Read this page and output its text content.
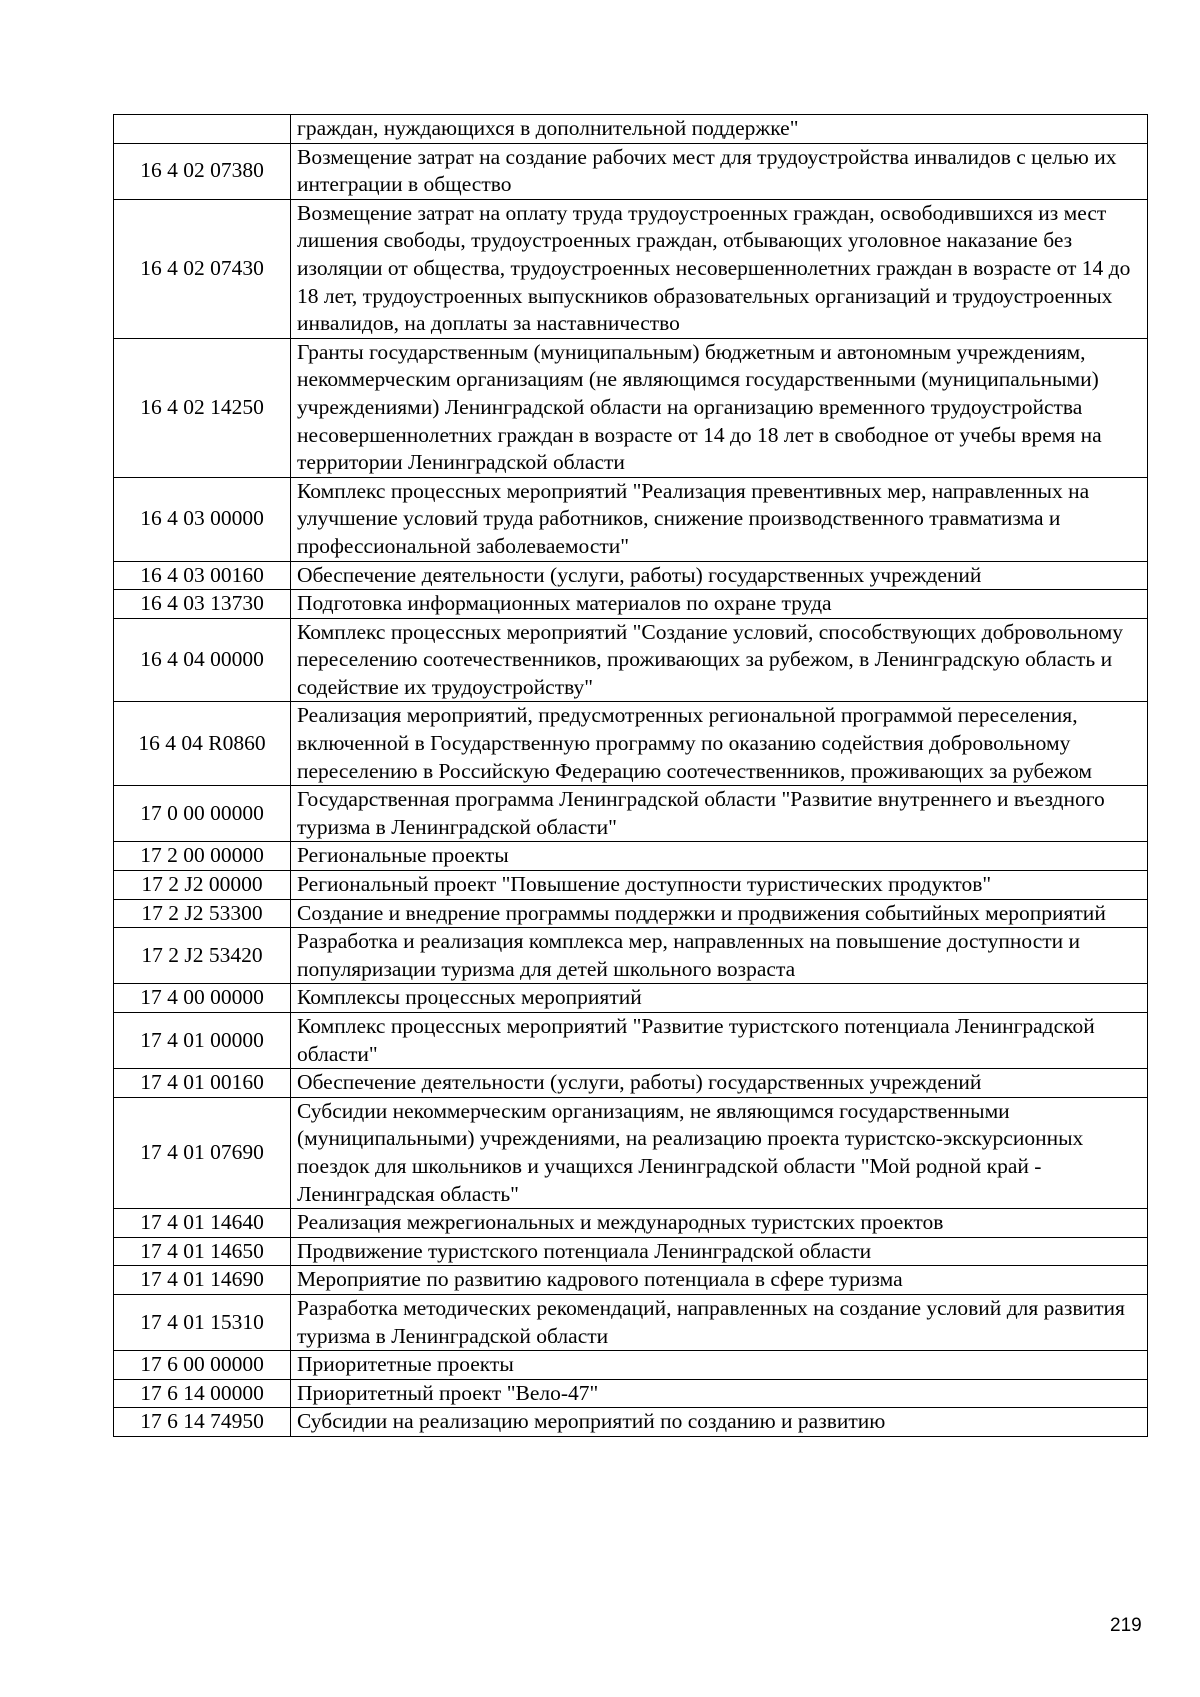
	граждан, нуждающихся в дополнительной поддержке"
16 4 02 07380	Возмещение затрат на создание рабочих мест для трудоустройства инвалидов с целью их интеграции в общество
16 4 02 07430	Возмещение затрат на оплату труда трудоустроенных граждан, освободившихся из мест лишения свободы, трудоустроенных граждан, отбывающих уголовное наказание без изоляции от общества, трудоустроенных несовершеннолетних граждан в возрасте от 14 до 18 лет, трудоустроенных выпускников образовательных организаций и трудоустроенных инвалидов, на доплаты за наставничество
16 4 02 14250	Гранты государственным (муниципальным) бюджетным и автономным учреждениям, некоммерческим организациям (не являющимся государственными (муниципальными) учреждениями) Ленинградской области на организацию временного трудоустройства несовершеннолетних граждан в возрасте от 14 до 18 лет в свободное от учебы время на территории Ленинградской области
16 4 03 00000	Комплекс процессных мероприятий "Реализация превентивных мер, направленных на улучшение условий труда работников, снижение производственного травматизма и профессиональной заболеваемости"
16 4 03 00160	Обеспечение деятельности (услуги, работы) государственных учреждений
16 4 03 13730	Подготовка информационных материалов по охране труда
16 4 04 00000	Комплекс процессных мероприятий "Создание условий, способствующих добровольному переселению соотечественников, проживающих за рубежом, в Ленинградскую область и содействие их трудоустройству"
16 4 04 R0860	Реализация мероприятий, предусмотренных региональной программой переселения, включенной в Государственную программу по оказанию содействия добровольному переселению в Российскую Федерацию соотечественников, проживающих за рубежом
17 0 00 00000	Государственная программа Ленинградской области "Развитие внутреннего и въездного туризма в Ленинградской области"
17 2 00 00000	Региональные проекты
17 2 J2 00000	Региональный проект "Повышение доступности туристических продуктов"
17 2 J2 53300	Создание и внедрение программы поддержки и продвижения событийных мероприятий
17 2 J2 53420	Разработка и реализация комплекса мер, направленных на повышение доступности и популяризации туризма для детей школьного возраста
17 4 00 00000	Комплексы процессных мероприятий
17 4 01 00000	Комплекс процессных мероприятий "Развитие туристского потенциала Ленинградской области"
17 4 01 00160	Обеспечение деятельности (услуги, работы) государственных учреждений
17 4 01 07690	Субсидии некоммерческим организациям, не являющимся государственными (муниципальными) учреждениями, на реализацию проекта туристско-экскурсионных поездок для школьников и учащихся Ленинградской области "Мой родной край - Ленинградская область"
17 4 01 14640	Реализация межрегиональных и международных туристских проектов
17 4 01 14650	Продвижение туристского потенциала Ленинградской области
17 4 01 14690	Мероприятие по развитию кадрового потенциала в сфере туризма
17 4 01 15310	Разработка методических рекомендаций, направленных на создание условий для развития туризма в Ленинградской области
17 6 00 00000	Приоритетные проекты
17 6 14 00000	Приоритетный проект "Вело-47"
17 6 14 74950	Субсидии на реализацию мероприятий по созданию и развитию
219
